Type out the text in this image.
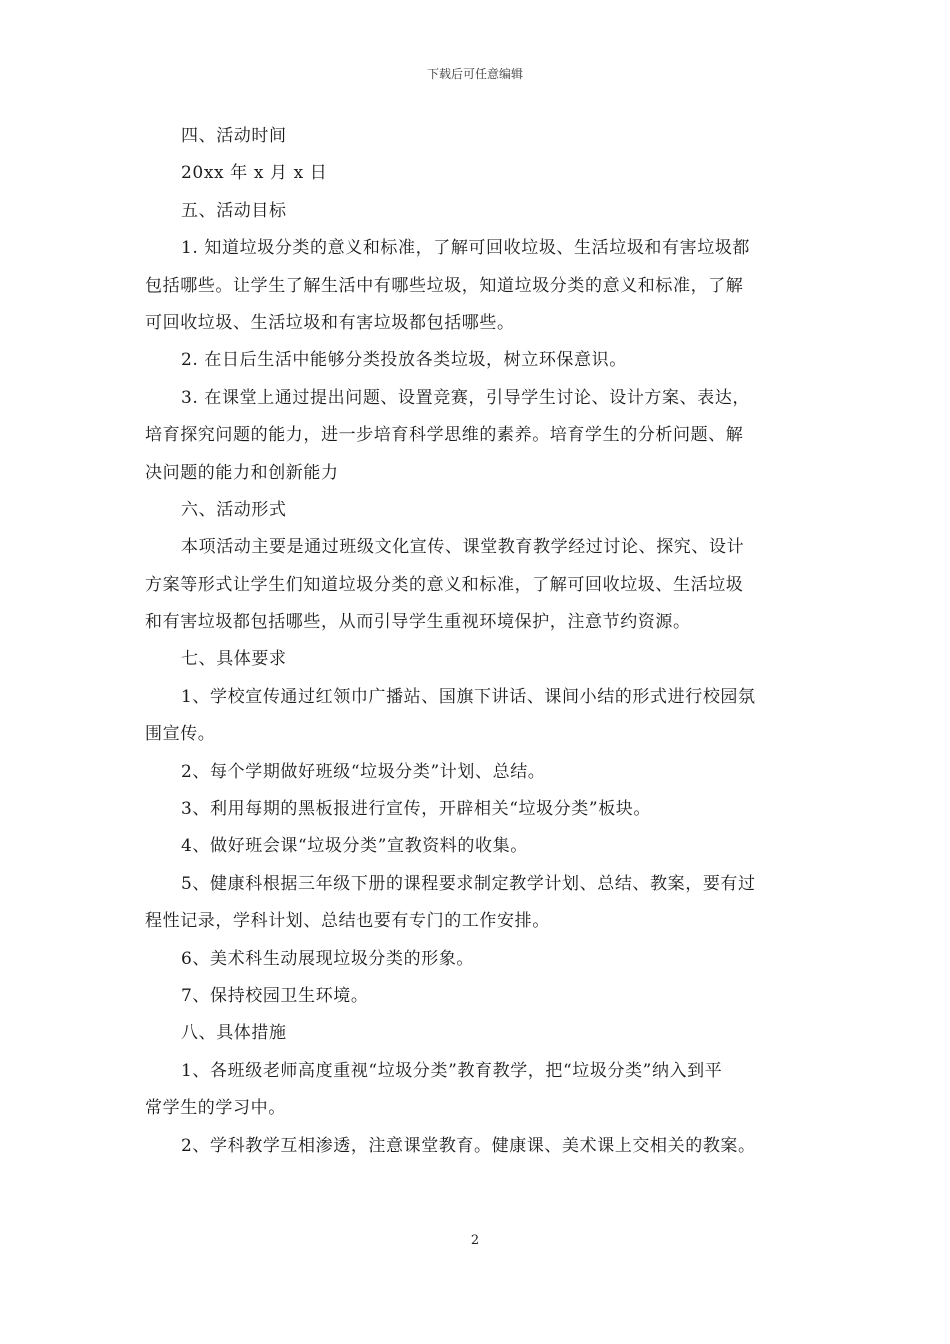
下载后可任意编辑
四、活动时间
20xx 年 x 月 x 日
五、活动目标
1. 知道垃圾分类的意义和标准，了解可回收垃圾、生活垃圾和有害垃圾都
包括哪些。让学生了解生活中有哪些垃圾，知道垃圾分类的意义和标准，了解
可回收垃圾、生活垃圾和有害垃圾都包括哪些。
2. 在日后生活中能够分类投放各类垃圾，树立环保意识。
3. 在课堂上通过提出问题、设置竞赛，引导学生讨论、设计方案、表达，
培育探究问题的能力，进一步培育科学思维的素养。培育学生的分析问题、解
决问题的能力和创新能力
六、活动形式
本项活动主要是通过班级文化宣传、课堂教育教学经过讨论、探究、设计
方案等形式让学生们知道垃圾分类的意义和标准，了解可回收垃圾、生活垃圾
和有害垃圾都包括哪些，从而引导学生重视环境保护，注意节约资源。
七、具体要求
1、学校宣传通过红领巾广播站、国旗下讲话、课间小结的形式进行校园氛
围宣传。
2、每个学期做好班级“垃圾分类”计划、总结。
3、利用每期的黑板报进行宣传，开辟相关“垃圾分类”板块。
4、做好班会课“垃圾分类”宣教资料的收集。
5、健康科根据三年级下册的课程要求制定教学计划、总结、教案，要有过
程性记录，学科计划、总结也要有专门的工作安排。
6、美术科生动展现垃圾分类的形象。
7、保持校园卫生环境。
八、具体措施
1、各班级老师高度重视“垃圾分类”教育教学，把“垃圾分类”纳入到平
常学生的学习中。
2、学科教学互相渗透，注意课堂教育。健康课、美术课上交相关的教案。
2
